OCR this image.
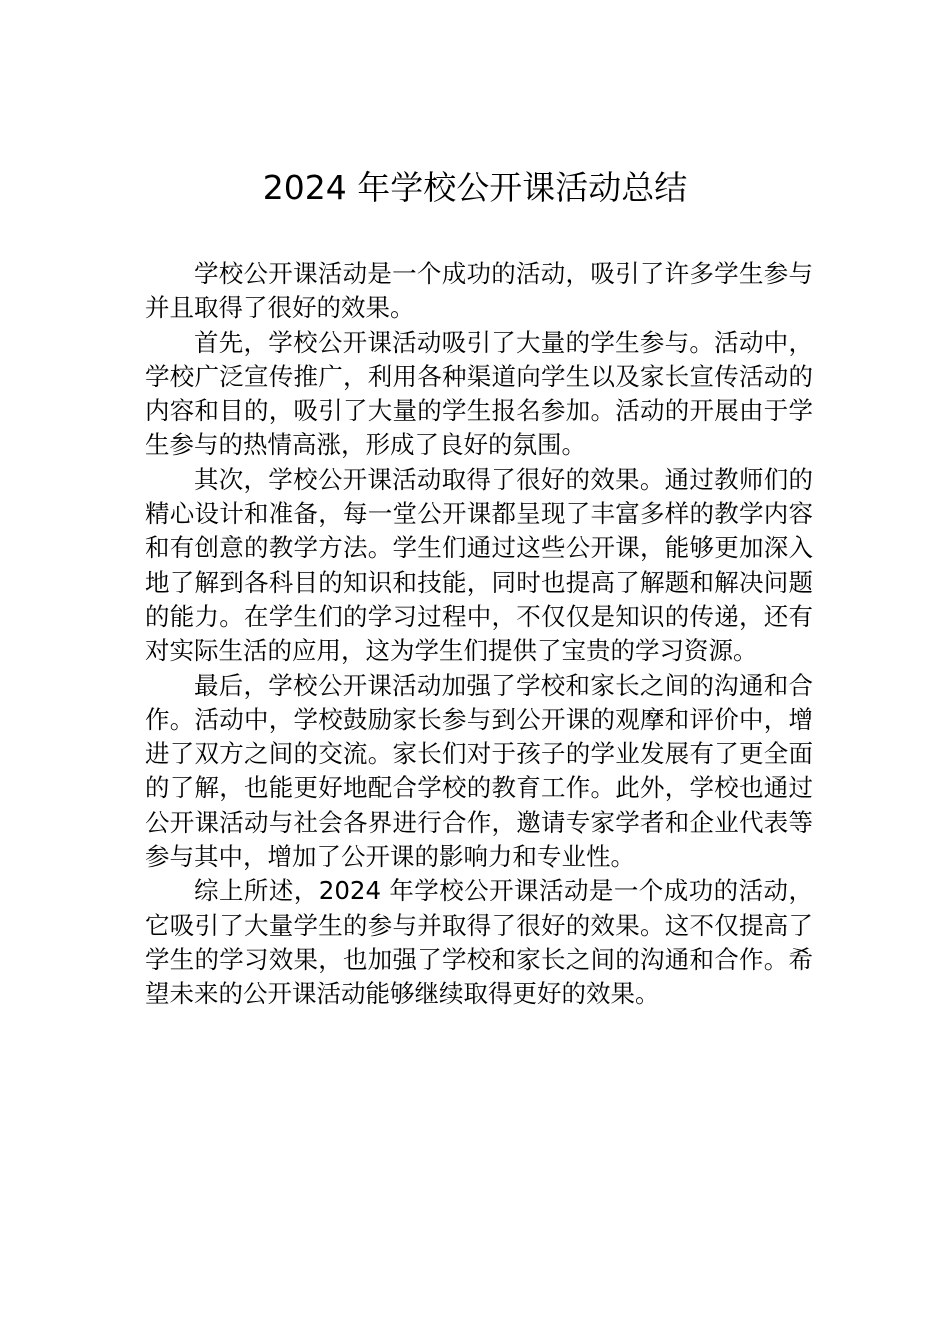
2024 年学校公开课活动总结

学校公开课活动是一个成功的活动，吸引了许多学生参与并且取得了很好的效果。

首先，学校公开课活动吸引了大量的学生参与。活动中，学校广泛宣传推广，利用各种渠道向学生以及家长宣传活动的内容和目的，吸引了大量的学生报名参加。活动的开展由于学生参与的热情高涨，形成了良好的氛围。

其次，学校公开课活动取得了很好的效果。通过教师们的精心设计和准备，每一堂公开课都呈现了丰富多样的教学内容和有创意的教学方法。学生们通过这些公开课，能够更加深入地了解到各科目的知识和技能，同时也提高了解题和解决问题的能力。在学生们的学习过程中，不仅仅是知识的传递，还有对实际生活的应用，这为学生们提供了宝贵的学习资源。

最后，学校公开课活动加强了学校和家长之间的沟通和合作。活动中，学校鼓励家长参与到公开课的观摩和评价中，增进了双方之间的交流。家长们对于孩子的学业发展有了更全面的了解，也能更好地配合学校的教育工作。此外，学校也通过公开课活动与社会各界进行合作，邀请专家学者和企业代表等参与其中，增加了公开课的影响力和专业性。

综上所述，2024 年学校公开课活动是一个成功的活动，它吸引了大量学生的参与并取得了很好的效果。这不仅提高了学生的学习效果，也加强了学校和家长之间的沟通和合作。希望未来的公开课活动能够继续取得更好的效果。
